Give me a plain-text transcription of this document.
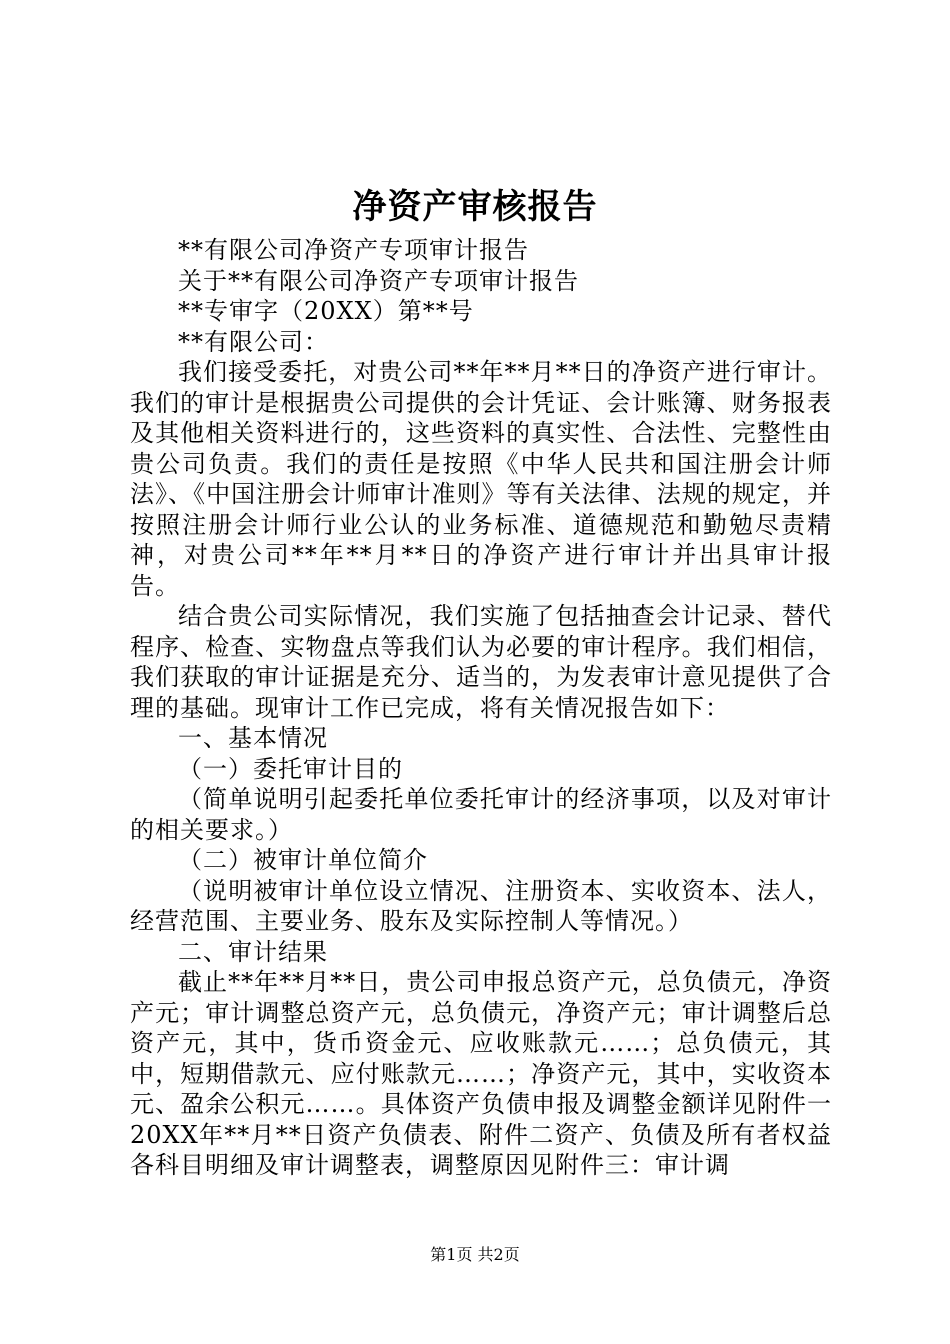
净资产审核报告

**有限公司净资产专项审计报告

关于**有限公司净资产专项审计报告

**专审字（20XX）第**号

**有限公司：

我们接受委托，对贵公司**年**月**日的净资产进行审计。我们的审计是根据贵公司提供的会计凭证、会计账簿、财务报表及其他相关资料进行的，这些资料的真实性、合法性、完整性由贵公司负责。我们的责任是按照《中华人民共和国注册会计师法》、《中国注册会计师审计准则》等有关法律、法规的规定，并按照注册会计师行业公认的业务标准、道德规范和勤勉尽责精神，对贵公司**年**月**日的净资产进行审计并出具审计报告。

结合贵公司实际情况，我们实施了包括抽查会计记录、替代程序、检查、实物盘点等我们认为必要的审计程序。我们相信，我们获取的审计证据是充分、适当的，为发表审计意见提供了合理的基础。现审计工作已完成，将有关情况报告如下：

一、基本情况

（一）委托审计目的

（简单说明引起委托单位委托审计的经济事项，以及对审计的相关要求。）

（二）被审计单位简介

（说明被审计单位设立情况、注册资本、实收资本、法人，经营范围、主要业务、股东及实际控制人等情况。）

二、审计结果

截止**年**月**日，贵公司申报总资产元，总负债元，净资产元；审计调整总资产元，总负债元，净资产元；审计调整后总资产元，其中，货币资金元、应收账款元……；总负债元，其中，短期借款元、应付账款元……；净资产元，其中，实收资本元、盈余公积元……。具体资产负债申报及调整金额详见附件一20XX年**月**日资产负债表、附件二资产、负债及所有者权益各科目明细及审计调整表，调整原因见附件三：审计调

第1页 共2页
